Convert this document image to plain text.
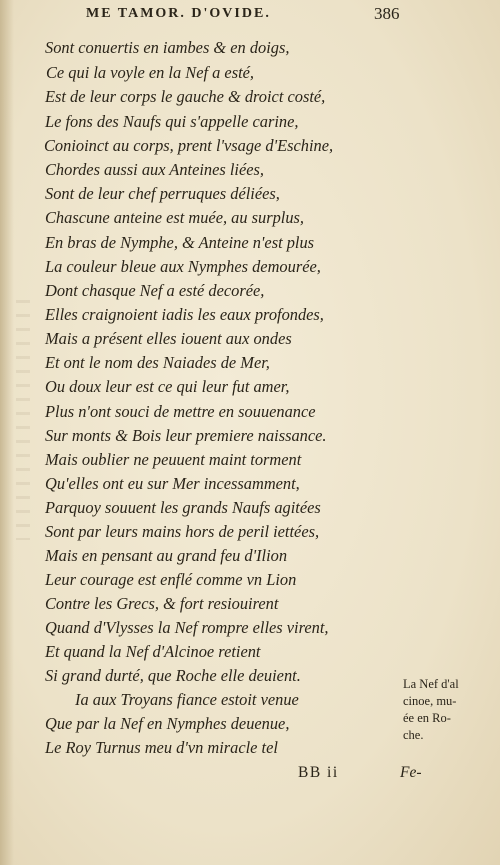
ME TAMOR. D'OVIDE.	386
Sont conuertis en iambes & en doigs,
Ce qui la voyle en la Nef a esté,
Est de leur corps le gauche & droict costé,
Le fons des Naufs qui s'appelle carine,
Conioinct au corps, prent l'vsage d'Eschine,
Chordes aussi aux Anteines liées,
Sont de leur chef perruques déliées,
Chascune anteine est muée, au surplus,
En bras de Nymphe, & Anteine n'est plus
La couleur bleue aux Nymphes demourée,
Dont chasque Nef a esté decorée,
Elles craignoient iadis les eaux profondes,
Mais a présent elles iouent aux ondes
Et ont le nom des Naiades de Mer,
Ou doux leur est ce qui leur fut amer,
Plus n'ont souci de mettre en souuenance
Sur monts & Bois leur premiere naissance.
Mais oublier ne peuuent maint torment
Qu'elles ont eu sur Mer incessamment,
Parquoy souuent les grands Naufs agitées
Sont par leurs mains hors de peril iettées,
Mais en pensant au grand feu d'Ilion
Leur courage est enflé comme vn Lion
Contre les Grecs, & fort resiouirent
Quand d'Vlysses la Nef rompre elles virent,
Et quand la Nef d'Alcinoe retient
Si grand durté, que Roche elle deuient.
Ia aux Troyans fiance estoit venue
Que par la Nef en Nymphes deuenue,
Le Roy Turnus meu d'vn miracle tel
La Nef d'al
cinoe, mu-
ée en Ro-
che.
BB ii	Fe-
